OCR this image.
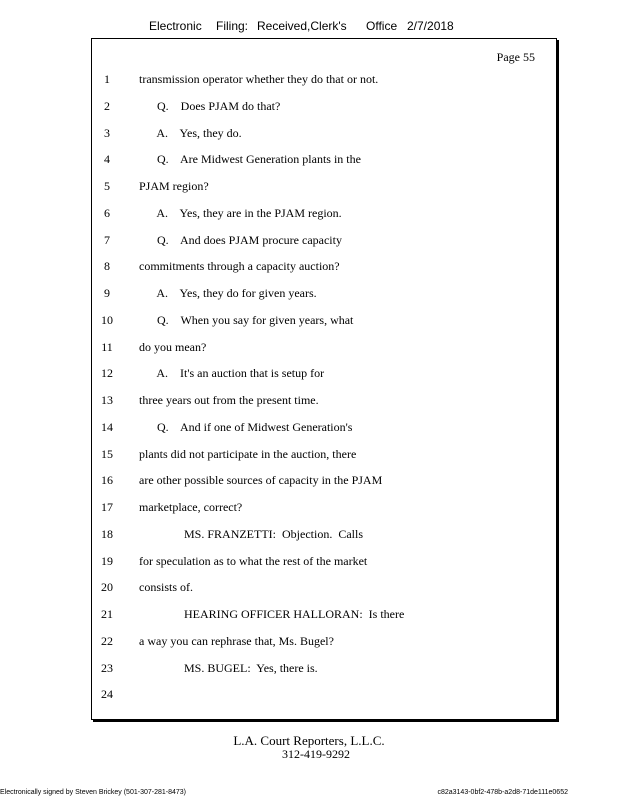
Electronic Filing: Received,Clerk's Office 2/7/2018
Page 55
1	transmission operator whether they do that or not.
2	Q.    Does PJAM do that?
3	A.    Yes, they do.
4	Q.    Are Midwest Generation plants in the
5	PJAM region?
6	A.    Yes, they are in the PJAM region.
7	Q.    And does PJAM procure capacity
8	commitments through a capacity auction?
9	A.    Yes, they do for given years.
10	Q.    When you say for given years, what
11	do you mean?
12	A.    It's an auction that is setup for
13	three years out from the present time.
14	Q.    And if one of Midwest Generation's
15	plants did not participate in the auction, there
16	are other possible sources of capacity in the PJAM
17	marketplace, correct?
18	MS. FRANZETTI:  Objection.  Calls
19	for speculation as to what the rest of the market
20	consists of.
21	HEARING OFFICER HALLORAN:  Is there
22	a way you can rephrase that, Ms. Bugel?
23	MS. BUGEL:  Yes, there is.
24
L.A. Court Reporters, L.L.C.
312-419-9292
Electronically signed by Steven Brickey (501-307-281-8473)	c82a3143-0bf2-478b-a2d8-71de111e0652
